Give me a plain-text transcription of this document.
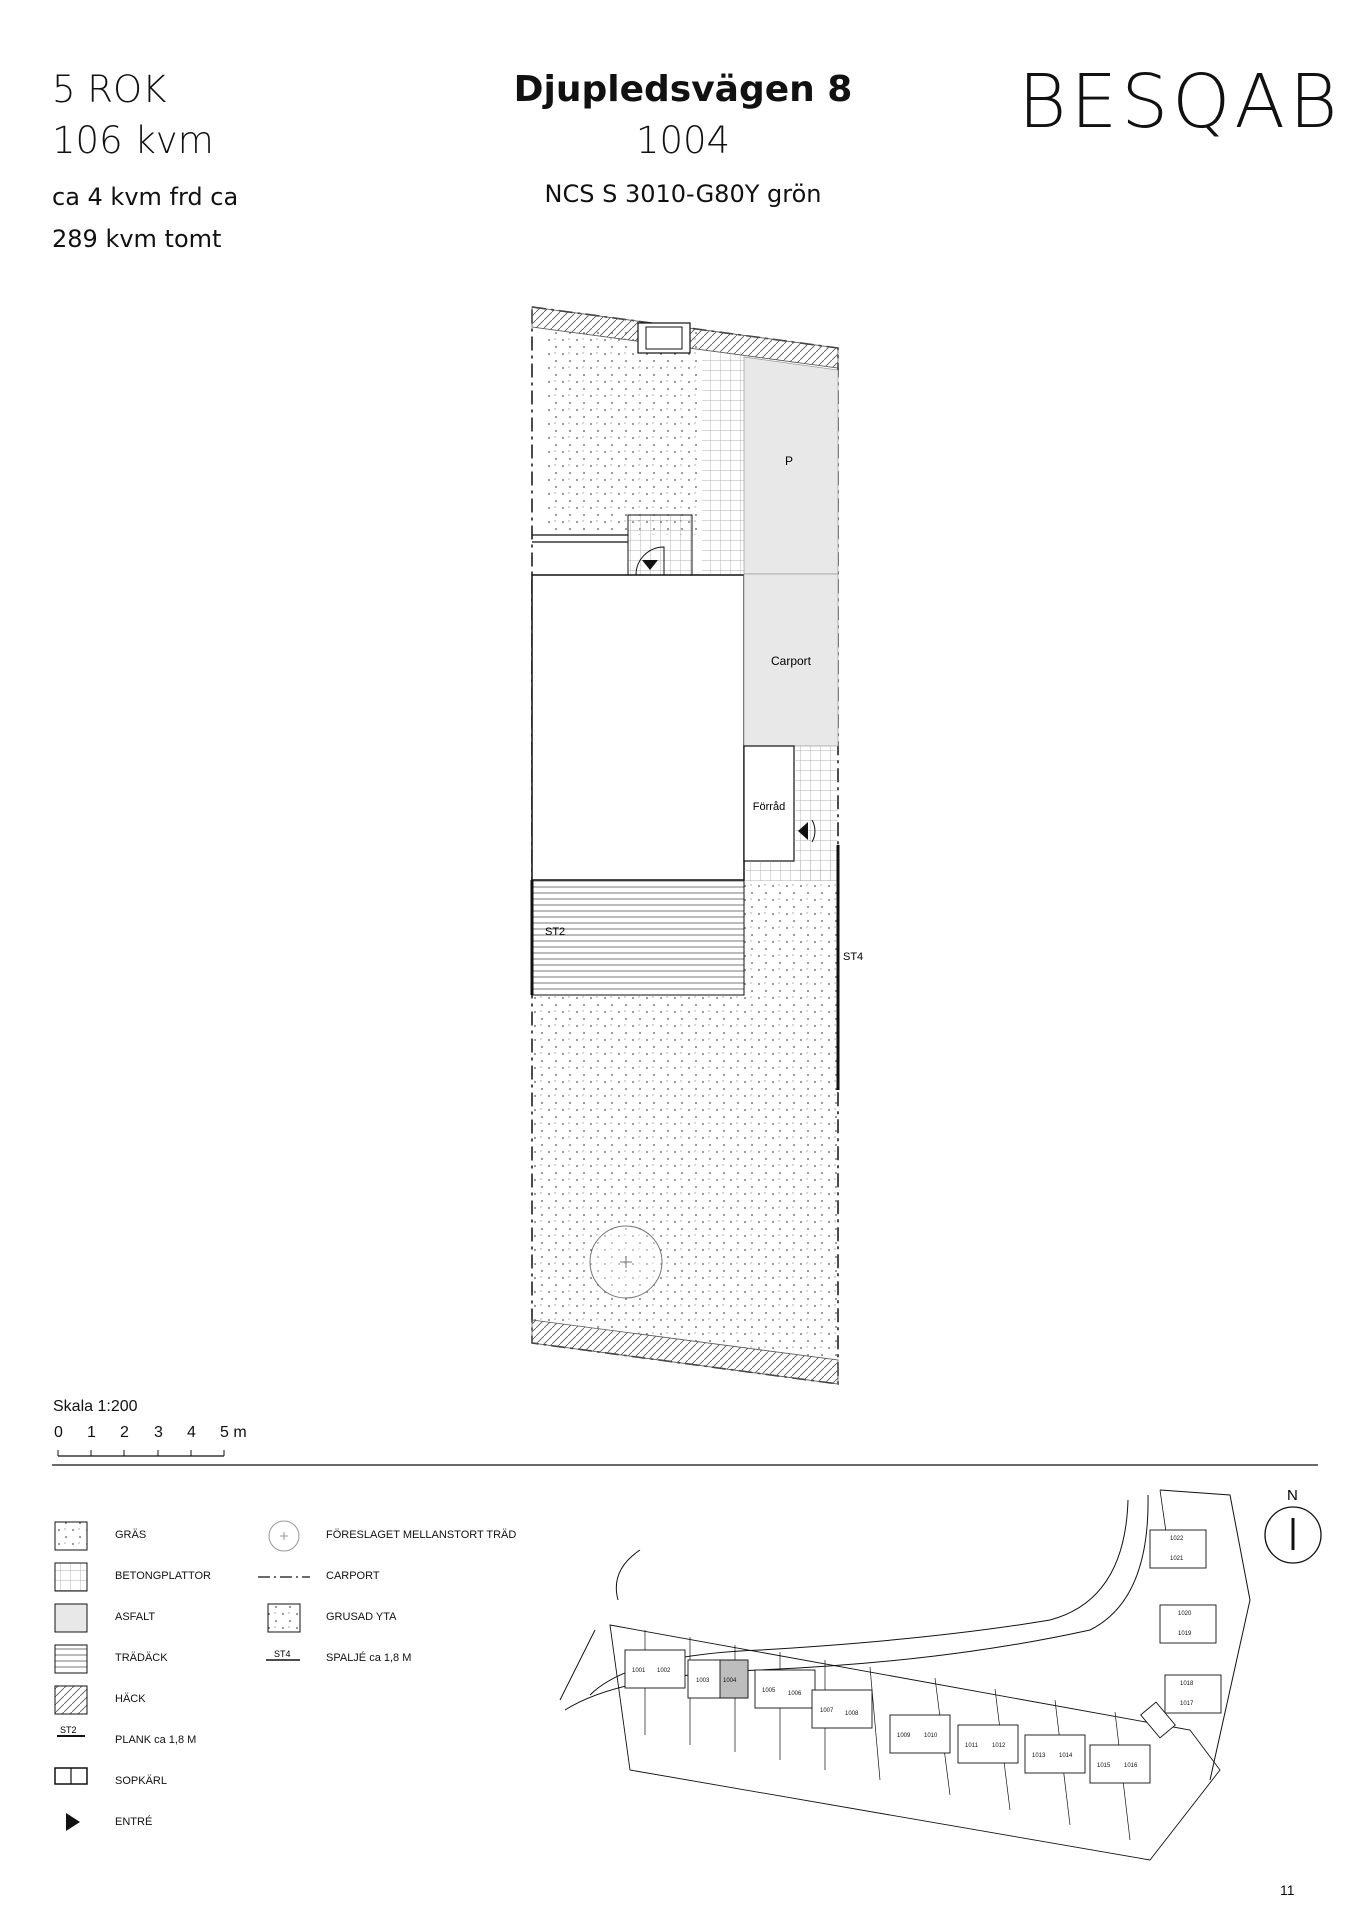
5 ROK
106 kvm
ca 4 kvm frd ca
289 kvm tomt
Djupledsvägen 8
1004
NCS S 3010-G80Y grön
BESQAB
P
Carport
Förråd
ST2
ST4
ST2
ST4
1001 1002
1003 1004
1005 1006
1007 1008
1009 1010
1011 1012
1013 1014
1015 1016
1017
1018
1019
1020
1021
1022
N
Skala 1:200
0 1 2 3 4 5 m
GRÄS
BETONGPLATTOR
ASFALT
TRÄDÄCK
HÄCK
PLANK ca 1,8 M
SOPKÄRL
ENTRÉ
FÖRESLAGET MELLANSTORT TRÄD
CARPORT
GRUSAD YTA
SPALJÉ ca 1,8 M
11
